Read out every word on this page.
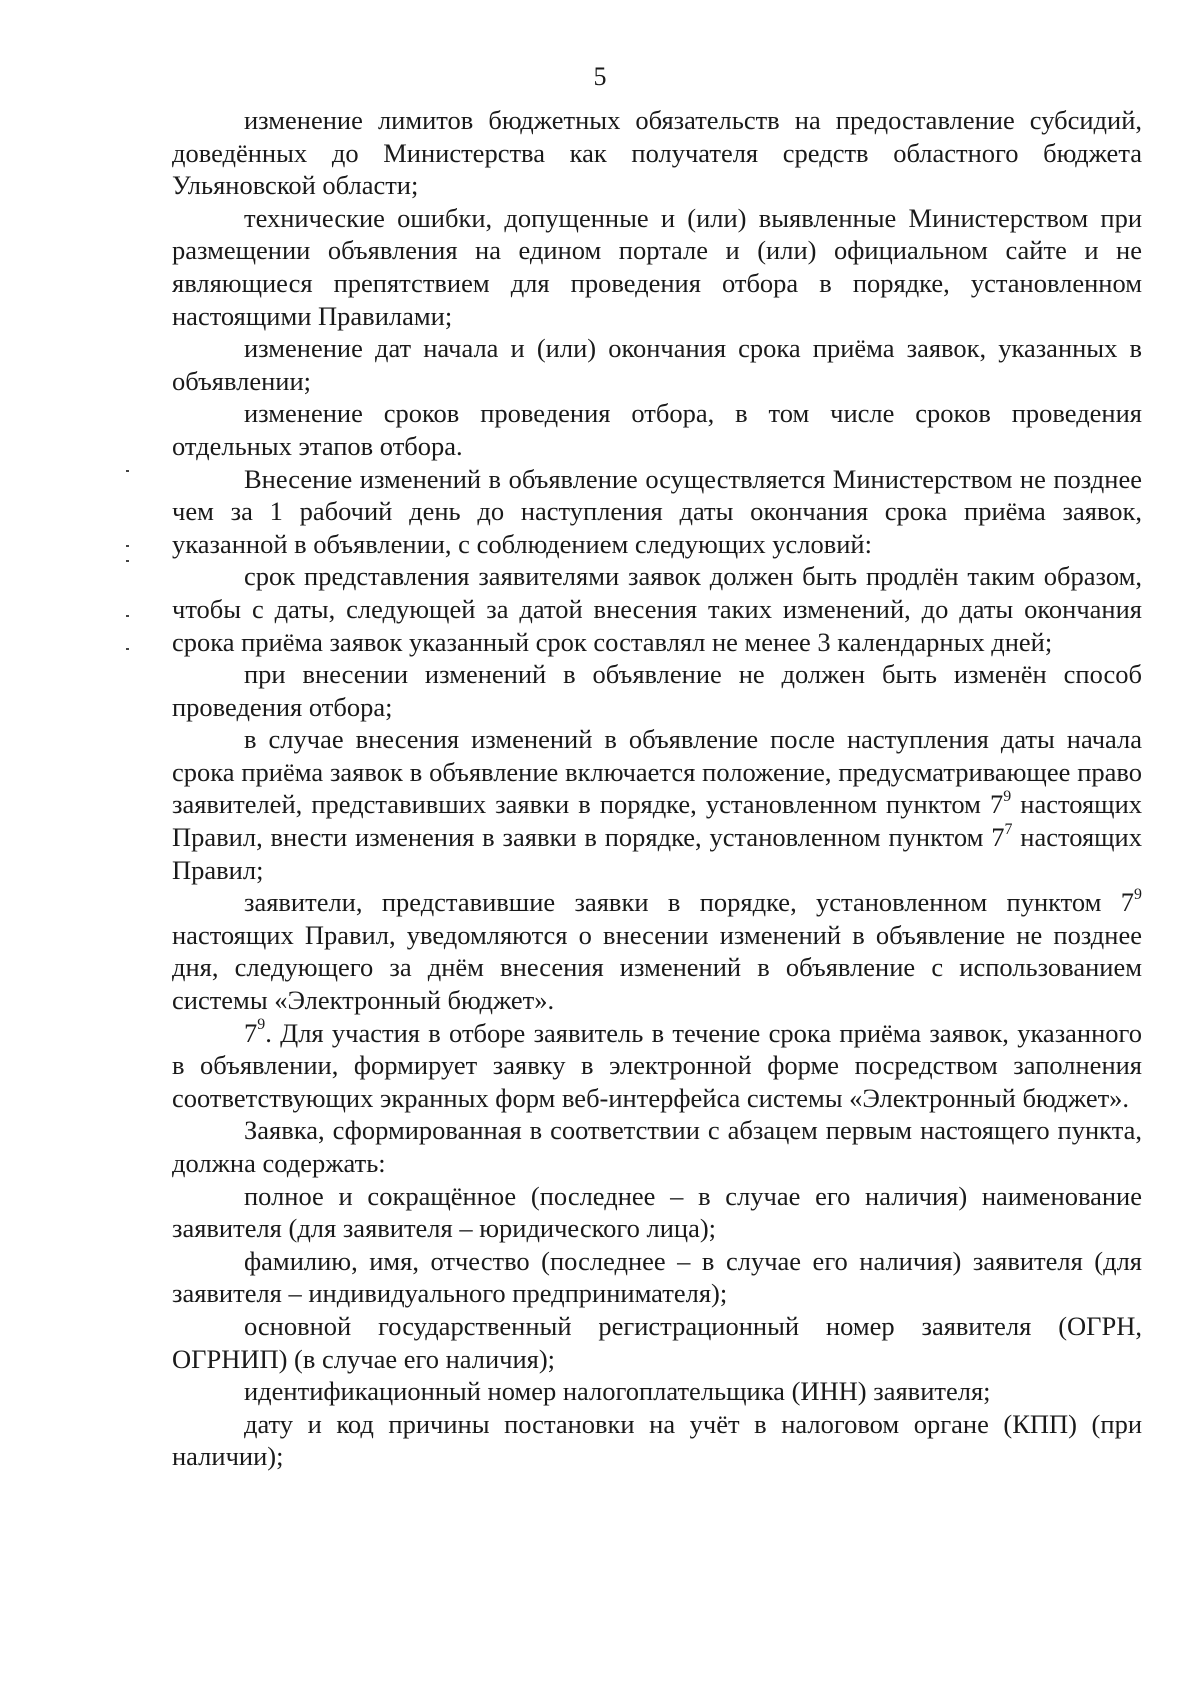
5

изменение лимитов бюджетных обязательств на предоставление субсидий, доведённых до Министерства как получателя средств областного бюджета Ульяновской области;

технические ошибки, допущенные и (или) выявленные Министерством при размещении объявления на едином портале и (или) официальном сайте и не являющиеся препятствием для проведения отбора в порядке, установленном настоящими Правилами;

изменение дат начала и (или) окончания срока приёма заявок, указанных в объявлении;

изменение сроков проведения отбора, в том числе сроков проведения отдельных этапов отбора.

Внесение изменений в объявление осуществляется Министерством не позднее чем за 1 рабочий день до наступления даты окончания срока приёма заявок, указанной в объявлении, с соблюдением следующих условий:

срок представления заявителями заявок должен быть продлён таким образом, чтобы с даты, следующей за датой внесения таких изменений, до даты окончания срока приёма заявок указанный срок составлял не менее 3 календарных дней;

при внесении изменений в объявление не должен быть изменён способ проведения отбора;

в случае внесения изменений в объявление после наступления даты начала срока приёма заявок в объявление включается положение, предусматривающее право заявителей, представивших заявки в порядке, установленном пунктом $7^9$ настоящих Правил, внести изменения в заявки в порядке, установленном пунктом $7^7$ настоящих Правил;

заявители, представившие заявки в порядке, установленном пунктом $7^9$ настоящих Правил, уведомляются о внесении изменений в объявление не позднее дня, следующего за днём внесения изменений в объявление с использованием системы «Электронный бюджет».

$7^9$. Для участия в отборе заявитель в течение срока приёма заявок, указанного в объявлении, формирует заявку в электронной форме посредством заполнения соответствующих экранных форм веб-интерфейса системы «Электронный бюджет».

Заявка, сформированная в соответствии с абзацем первым настоящего пункта, должна содержать:

полное и сокращённое (последнее – в случае его наличия) наименование заявителя (для заявителя – юридического лица);

фамилию, имя, отчество (последнее – в случае его наличия) заявителя (для заявителя – индивидуального предпринимателя);

основной государственный регистрационный номер заявителя (ОГРН, ОГРНИП) (в случае его наличия);

идентификационный номер налогоплательщика (ИНН) заявителя;

дату и код причины постановки на учёт в налоговом органе (КПП) (при наличии);
